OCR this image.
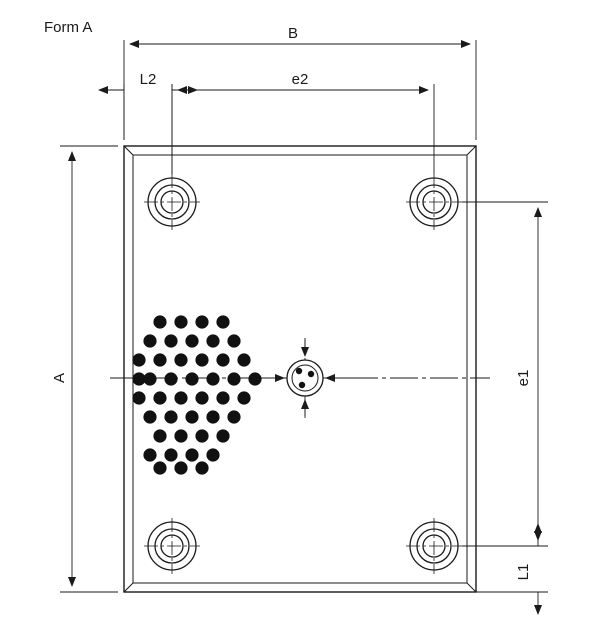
B
e2
L2
A	e1
L1
Form A
